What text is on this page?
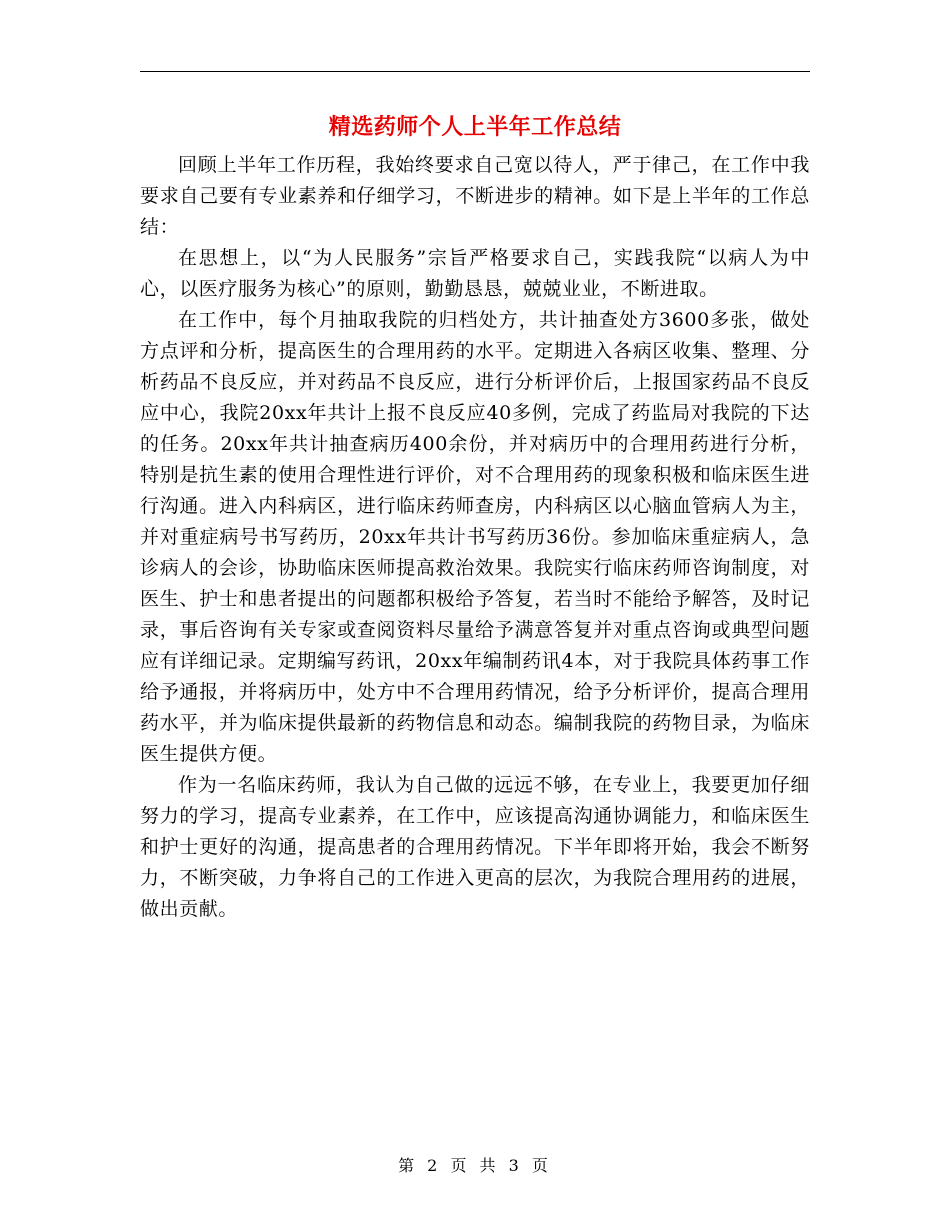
精选药师个人上半年工作总结

回顾上半年工作历程，我始终要求自己宽以待人，严于律己，在工作中我要求自己要有专业素养和仔细学习，不断进步的精神。如下是上半年的工作总结：

在思想上，以“为人民服务”宗旨严格要求自己，实践我院“以病人为中心，以医疗服务为核心”的原则，勤勤恳恳，兢兢业业，不断进取。

在工作中，每个月抽取我院的归档处方，共计抽查处方3600多张，做处方点评和分析，提高医生的合理用药的水平。定期进入各病区收集、整理、分析药品不良反应，并对药品不良反应，进行分析评价后，上报国家药品不良反应中心，我院20xx年共计上报不良反应40多例，完成了药监局对我院的下达的任务。20xx年共计抽查病历400余份，并对病历中的合理用药进行分析，特别是抗生素的使用合理性进行评价，对不合理用药的现象积极和临床医生进行沟通。进入内科病区，进行临床药师查房，内科病区以心脑血管病人为主，并对重症病号书写药历，20xx年共计书写药历36份。参加临床重症病人，急诊病人的会诊，协助临床医师提高救治效果。我院实行临床药师咨询制度，对医生、护士和患者提出的问题都积极给予答复，若当时不能给予解答，及时记录，事后咨询有关专家或查阅资料尽量给予满意答复并对重点咨询或典型问题应有详细记录。定期编写药讯，20xx年编制药讯4本，对于我院具体药事工作给予通报，并将病历中，处方中不合理用药情况，给予分析评价，提高合理用药水平，并为临床提供最新的药物信息和动态。编制我院的药物目录，为临床医生提供方便。

作为一名临床药师，我认为自己做的远远不够，在专业上，我要更加仔细努力的学习，提高专业素养，在工作中，应该提高沟通协调能力，和临床医生和护士更好的沟通，提高患者的合理用药情况。下半年即将开始，我会不断努力，不断突破，力争将自己的工作进入更高的层次，为我院合理用药的进展，做出贡献。

第 2 页 共 3 页
